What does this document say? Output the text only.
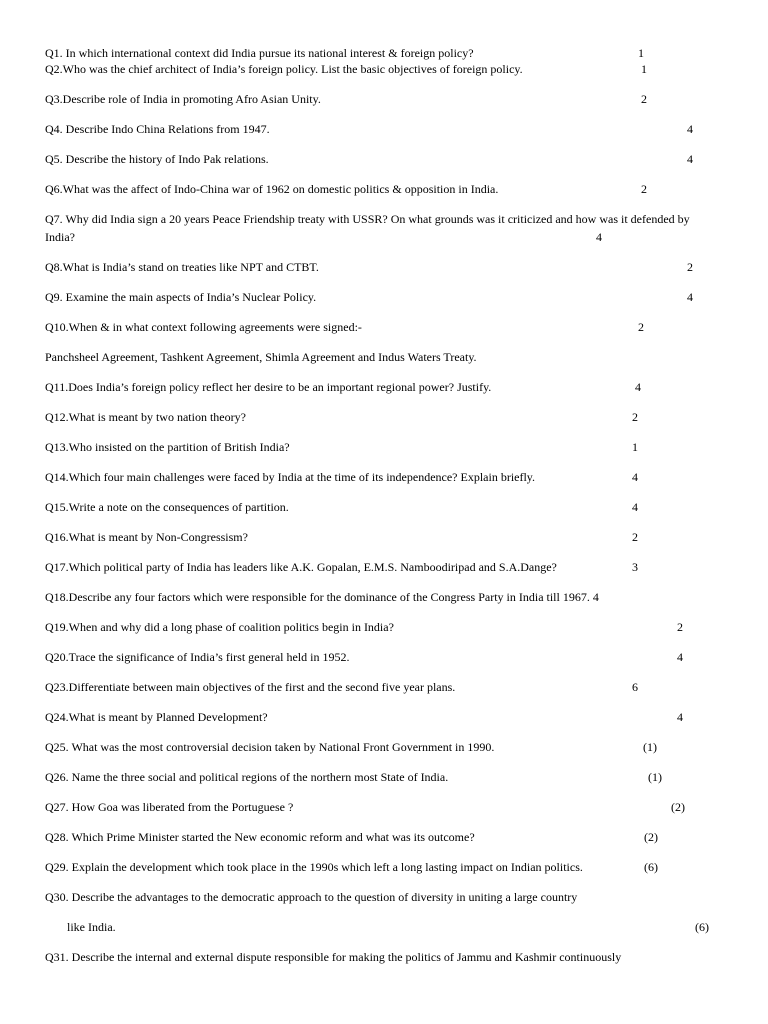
Q1. In which international context did India pursue its national interest & foreign policy?	1
Q2.Who was the chief architect of India’s foreign policy. List the basic objectives of foreign policy.	1
Q3.Describe role of India in promoting Afro Asian Unity.	2
Q4. Describe Indo China Relations from 1947.	4
Q5. Describe the history of Indo Pak relations.	4
Q6.What was the affect of Indo-China war of 1962 on domestic politics & opposition in India.	2
Q7. Why did India sign a 20 years Peace Friendship treaty with USSR? On what grounds was it criticized and how was it defended by India?	4
Q8.What is India’s stand on treaties like NPT and CTBT.	2
Q9. Examine the main aspects of India’s Nuclear Policy.	4
Q10.When & in what context following agreements were signed:-	2
Panchsheel Agreement, Tashkent Agreement, Shimla Agreement and Indus Waters Treaty.
Q11.Does India’s foreign policy reflect her desire to be an important regional power? Justify.	4
Q12.What is meant by two nation theory?	2
Q13.Who insisted on the partition of British India?	1
Q14.Which four main challenges were faced by India at the time of its independence? Explain briefly.	4
Q15.Write a note on the consequences of partition.	4
Q16.What is meant by Non-Congressism?	2
Q17.Which political party of India has leaders like A.K. Gopalan, E.M.S. Namboodiripad and S.A.Dange?	3
Q18.Describe any four factors which were responsible for the dominance of the Congress Party in India till 1967. 4
Q19.When and why did a long phase of coalition politics begin in India?	2
Q20.Trace the significance of India’s first general held in 1952.	4
Q23.Differentiate between main objectives of the first and the second five year plans.	6
Q24.What is meant by Planned Development?	4
Q25. What was the most controversial decision taken by National Front Government in 1990.	(1)
Q26. Name the three social and political regions of the northern most State of India.	(1)
Q27. How Goa was liberated from the Portuguese ?	(2)
Q28. Which Prime Minister started the New economic reform and what was its outcome?	(2)
Q29. Explain the development which took place in the 1990s which left a long lasting impact on Indian politics.	(6)
Q30. Describe the advantages to the democratic approach to the question of diversity in uniting a large country
like India.	(6)
Q31. Describe the internal and external dispute responsible for making the politics of Jammu and Kashmir continuously
